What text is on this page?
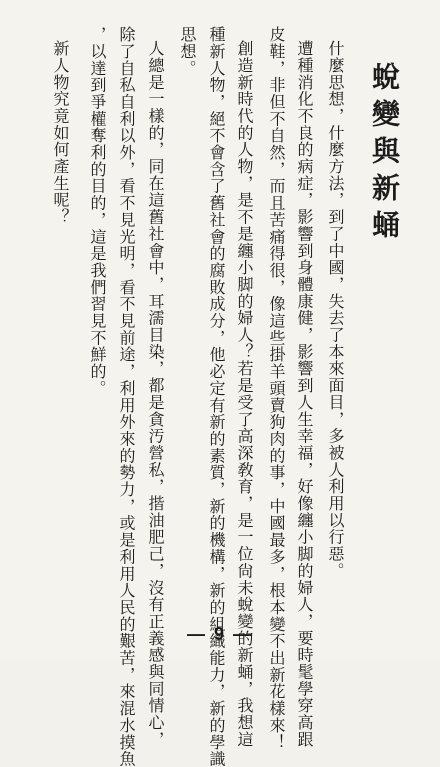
蛻變與新蛹
什麼思想，什麼方法，到了中國，失去了本來面目，多被人利用以行惡。
遭種消化不良的病症，影響到身體康健，影響到人生幸福，好像纏小脚的婦人，要時髦學穿高跟
皮鞋，非但不自然，而且苦痛得很，像這些掛羊頭賣狗肉的事，中國最多，根本變不出新花樣來！
創造新時代的人物，是不是纏小脚的婦人？若是受了高深敎育，是一位尙未蛻變的新蛹，我想這
種新人物，絕不會含了舊社會的腐敗成分，他必定有新的素質，新的機構，新的組織能力，新的學識
思想。
人總是一樣的，同在這舊社會中，耳濡目染，都是貪汚營私，揩油肥己，沒有正義感與同情心，
除了自私自利以外，看不見光明，看不見前途，利用外來的勢力，或是利用人民的艱苦，來混水摸魚
，以達到爭權奪利的目的，這是我們習見不鮮的。
新人物究竟如何產生呢？
— 9 —
